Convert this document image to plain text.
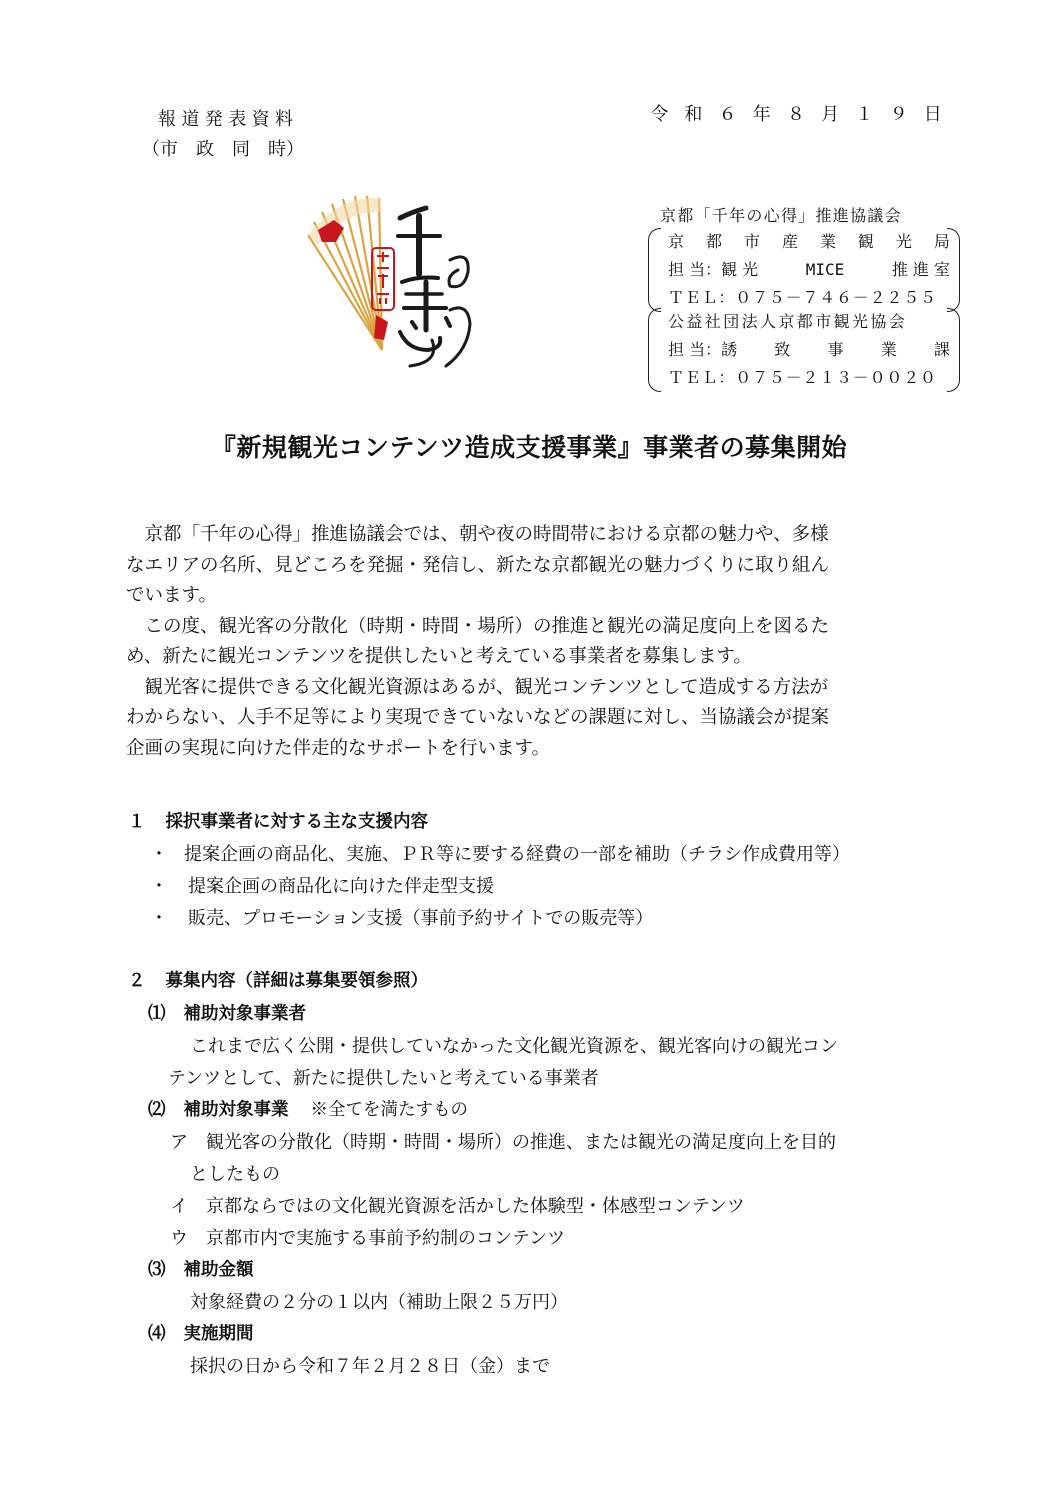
報道発表資料
（市　政　同　時）
令和６年８月１９日
京都「千年の心得」推進協議会
京 都 市 産 業 観 光 局
担 当：観 光	MICE	推 進 室
ＴＥＬ：０７５－７４６－２２５５
公益社団法人京都市観光協会
担 当：誘 致 事 業 課
ＴＥＬ：０７５－２１３－００２０
『新規観光コンテンツ造成支援事業』事業者の募集開始

京都「千年の心得」推進協議会では、朝や夜の時間帯における京都の魅力や、多様

なエリアの名所、見どころを発掘・発信し、新たな京都観光の魅力づくりに取り組ん
でいます。

この度、観光客の分散化（時期・時間・場所）の推進と観光の満足度向上を図るた

め、新たに観光コンテンツを提供したいと考えている事業者を募集します。

観光客に提供できる文化観光資源はあるが、観光コンテンツとして造成する方法が

わからない、人手不足等により実現できていないなどの課題に対し、当協議会が提案
企画の実現に向けた伴走的なサポートを行います。
１ 採択事業者に対する主な支援内容
・ 提案企画の商品化、実施、ＰＲ等に要する経費の一部を補助（チラシ作成費用等）
・ 提案企画の商品化に向けた伴走型支援
・ 販売、プロモーション支援（事前予約サイトでの販売等）
２ 募集内容（詳細は募集要領参照）
⑴ 補助対象事業者
これまで広く公開・提供していなかった文化観光資源を、観光客向けの観光コン
テンツとして、新たに提供したいと考えている事業者
⑵ 補助対象事業 ※全てを満たすもの
ア 観光客の分散化（時期・時間・場所）の推進、または観光の満足度向上を目的
としたもの
イ 京都ならではの文化観光資源を活かした体験型・体感型コンテンツ
ウ 京都市内で実施する事前予約制のコンテンツ
⑶ 補助金額
対象経費の２分の１以内（補助上限２５万円）
⑷ 実施期間
採択の日から令和７年２月２８日（金）まで
